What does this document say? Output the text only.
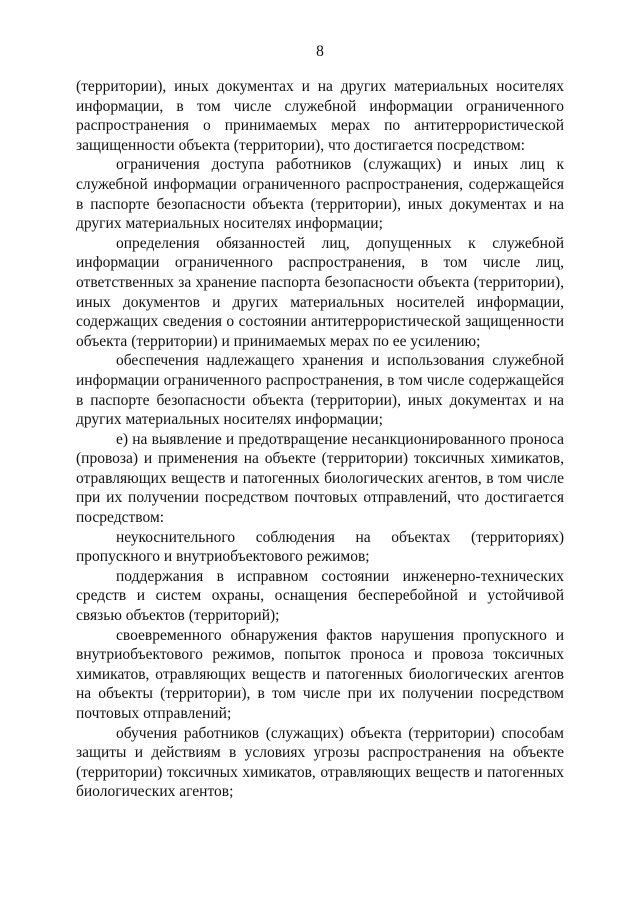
8

(территории), иных документах и на других материальных носителях информации, в том числе служебной информации ограниченного распространения о принимаемых мерах по антитеррористической защищенности объекта (территории), что достигается посредством:

ограничения доступа работников (служащих) и иных лиц к служебной информации ограниченного распространения, содержащейся в паспорте безопасности объекта (территории), иных документах и на других материальных носителях информации;

определения обязанностей лиц, допущенных к служебной информации ограниченного распространения, в том числе лиц, ответственных за хранение паспорта безопасности объекта (территории), иных документов и других материальных носителей информации, содержащих сведения о состоянии антитеррористической защищенности объекта (территории) и принимаемых мерах по ее усилению;

обеспечения надлежащего хранения и использования служебной информации ограниченного распространения, в том числе содержащейся в паспорте безопасности объекта (территории), иных документах и на других материальных носителях информации;

е) на выявление и предотвращение несанкционированного проноса (провоза) и применения на объекте (территории) токсичных химикатов, отравляющих веществ и патогенных биологических агентов, в том числе при их получении посредством почтовых отправлений, что достигается посредством:

неукоснительного соблюдения на объектах (территориях) пропускного и внутриобъектового режимов;

поддержания в исправном состоянии инженерно-технических средств и систем охраны, оснащения бесперебойной и устойчивой связью объектов (территорий);

своевременного обнаружения фактов нарушения пропускного и внутриобъектового режимов, попыток проноса и провоза токсичных химикатов, отравляющих веществ и патогенных биологических агентов на объекты (территории), в том числе при их получении посредством почтовых отправлений;

обучения работников (служащих) объекта (территории) способам защиты и действиям в условиях угрозы распространения на объекте (территории) токсичных химикатов, отравляющих веществ и патогенных биологических агентов;
